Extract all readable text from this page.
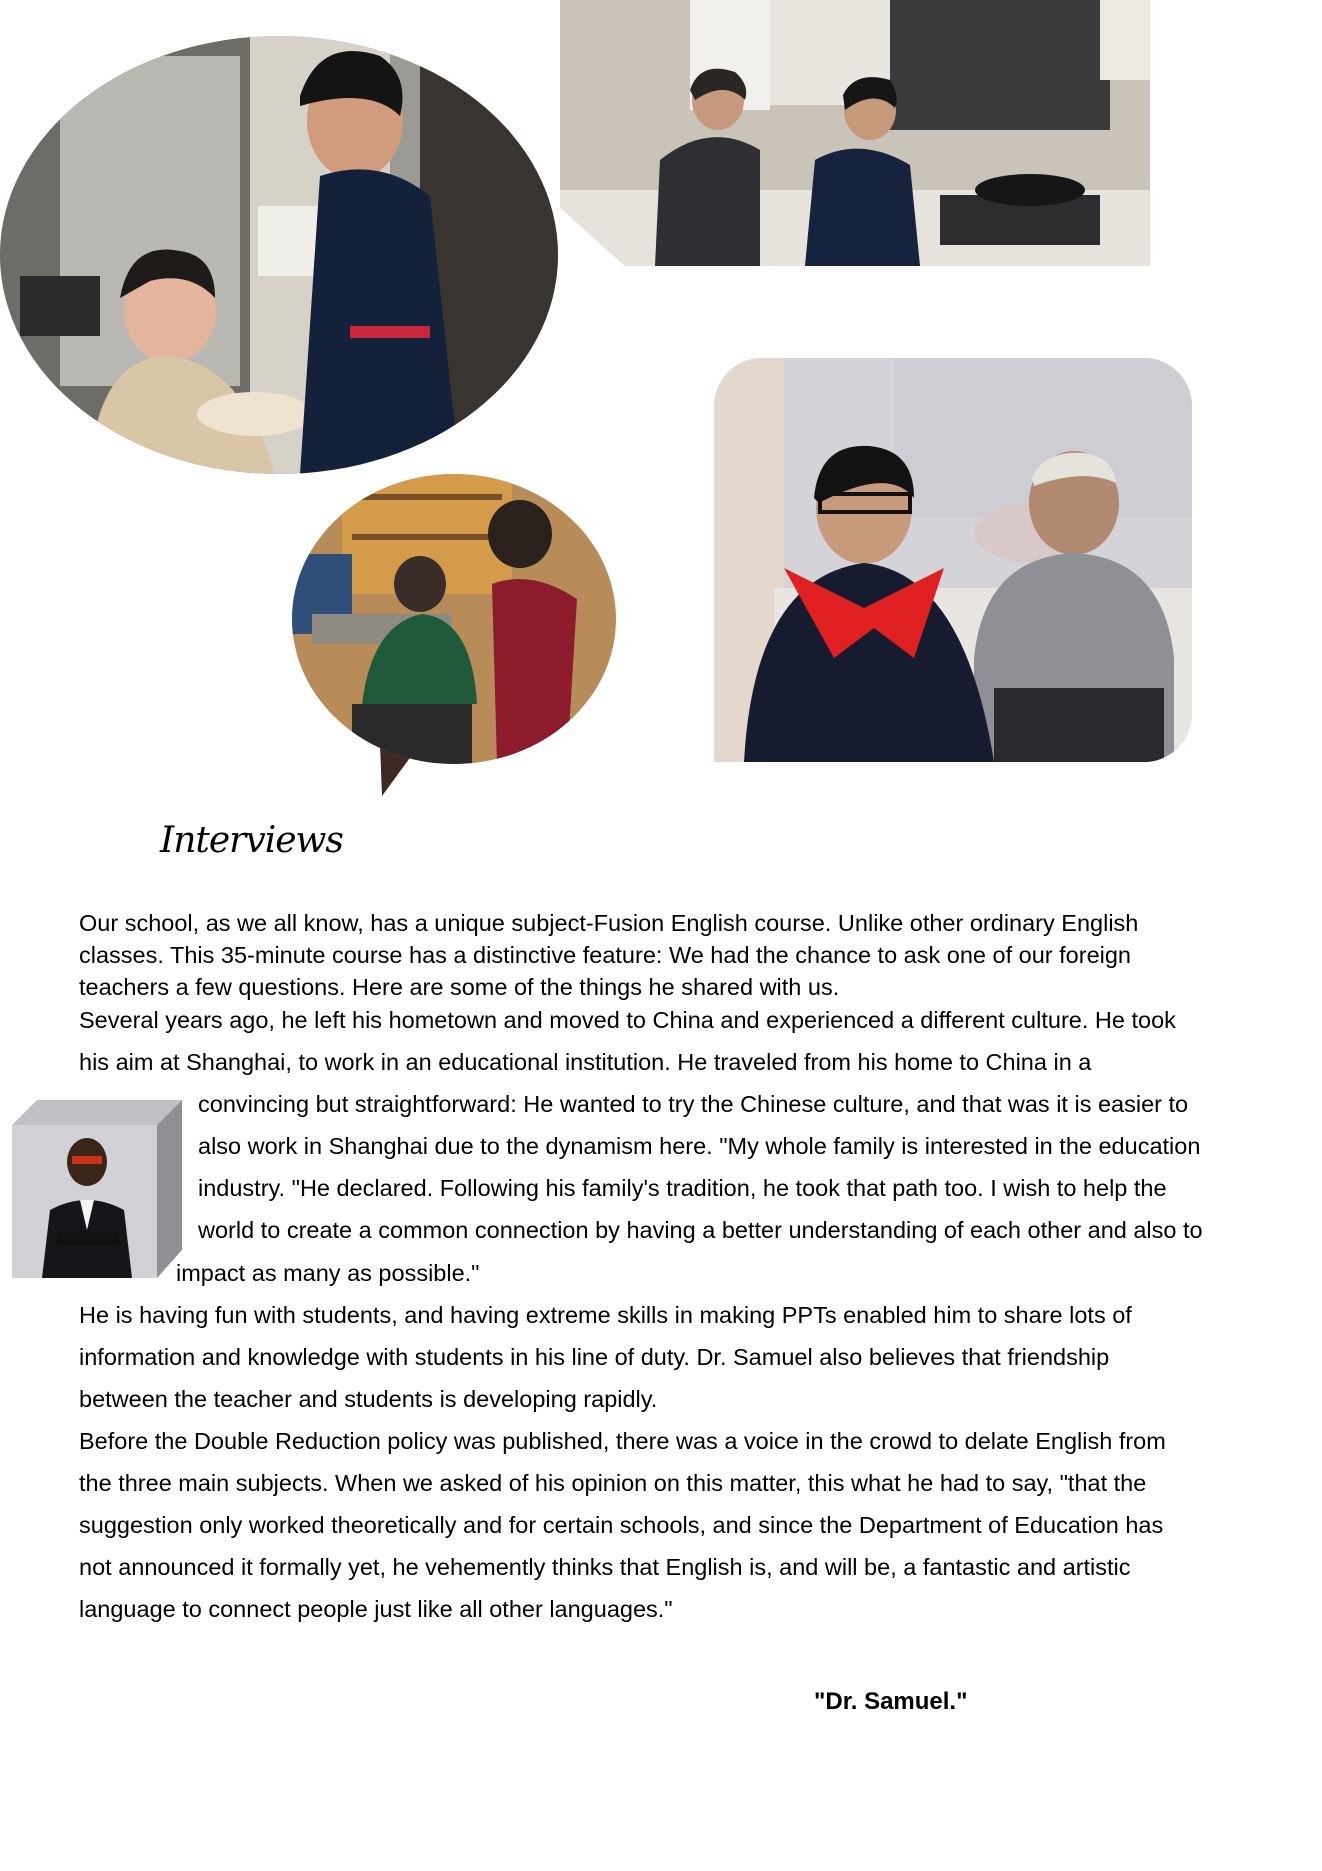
Interviews

Our school, as we all know, has a unique subject-Fusion English course. Unlike other ordinary English

classes. This 35-minute course has a distinctive feature: We had the chance to ask one of our foreign

teachers a few questions. Here are some of the things he shared with us.

Several years ago, he left his hometown and moved to China and experienced a different culture. He took

his aim at Shanghai, to work in an educational institution. He traveled from his home to China in a

convincing but straightforward: He wanted to try the Chinese culture, and that was it is easier to

also work in Shanghai due to the dynamism here. "My whole family is interested in the education

industry. "He declared. Following his family's tradition, he took that path too. I wish to help the

world to create a common connection by having a better understanding of each other and also to

impact as many as possible."

He is having fun with students, and having extreme skills in making PPTs enabled him to share lots of

information and knowledge with students in his line of duty. Dr. Samuel also believes that friendship

between the teacher and students is developing rapidly.

Before the Double Reduction policy was published, there was a voice in the crowd to delate English from

the three main subjects. When we asked of his opinion on this matter, this what he had to say, "that the

suggestion only worked theoretically and for certain schools, and since the Department of Education has

not announced it formally yet, he vehemently thinks that English is, and will be, a fantastic and artistic

language to connect people just like all other languages."

"Dr. Samuel."
